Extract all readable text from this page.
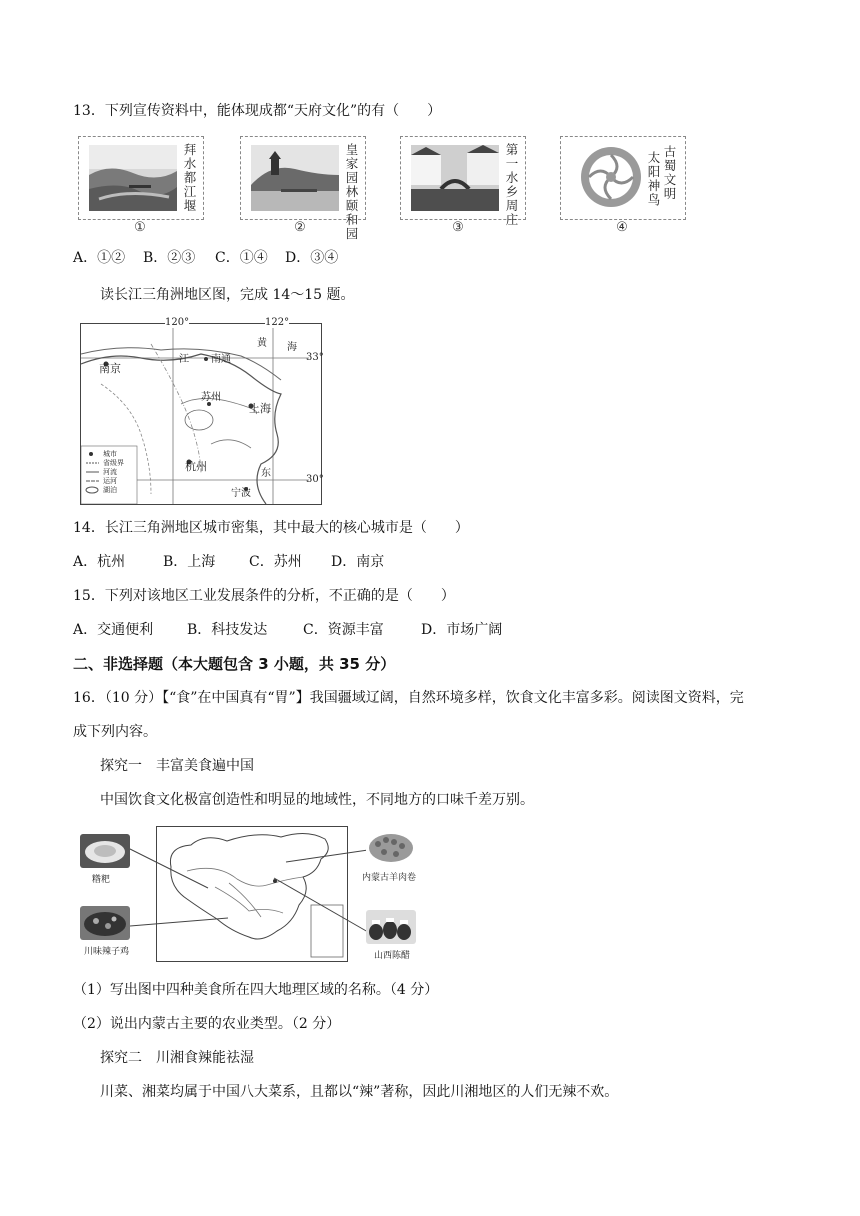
13．下列宣传资料中，能体现成都“天府文化”的有（　　）
拜水都江堰
①
皇家园林颐和园
②
第一水乡周庄
③
太阳神鸟
古蜀文明
④
A．①② B．②③ C．①④ D．③④
读长江三角洲地区图，完成 14～15 题。
120°	122°
33°
30°
南京
南通
苏州
上海
杭州
宁波
黄 海
东
江
城市
省级界
河流
运河
湖泊
14．长江三角洲地区城市密集，其中最大的核心城市是（　　）
A．杭州	B．上海 C．苏州 D．南京
15．下列对该地区工业发展条件的分析，不正确的是（　　）
A．交通便利 B．科技发达	C．资源丰富	D．市场广阔
二、非选择题（本大题包含 3 小题，共 35 分）
16．（10 分）【“食”在中国真有“胃”】我国疆域辽阔，自然环境多样，饮食文化丰富多彩。阅读图文资料，完
成下列内容。
探究一　丰富美食遍中国
中国饮食文化极富创造性和明显的地域性，不同地方的口味千差万别。
糌粑
川味辣子鸡
内蒙古羊肉卷
山西陈醋
（1）写出图中四种美食所在四大地理区域的名称。（4 分）
（2）说出内蒙古主要的农业类型。（2 分）
探究二　川湘食辣能祛湿
川菜、湘菜均属于中国八大菜系，且都以“辣”著称，因此川湘地区的人们无辣不欢。
